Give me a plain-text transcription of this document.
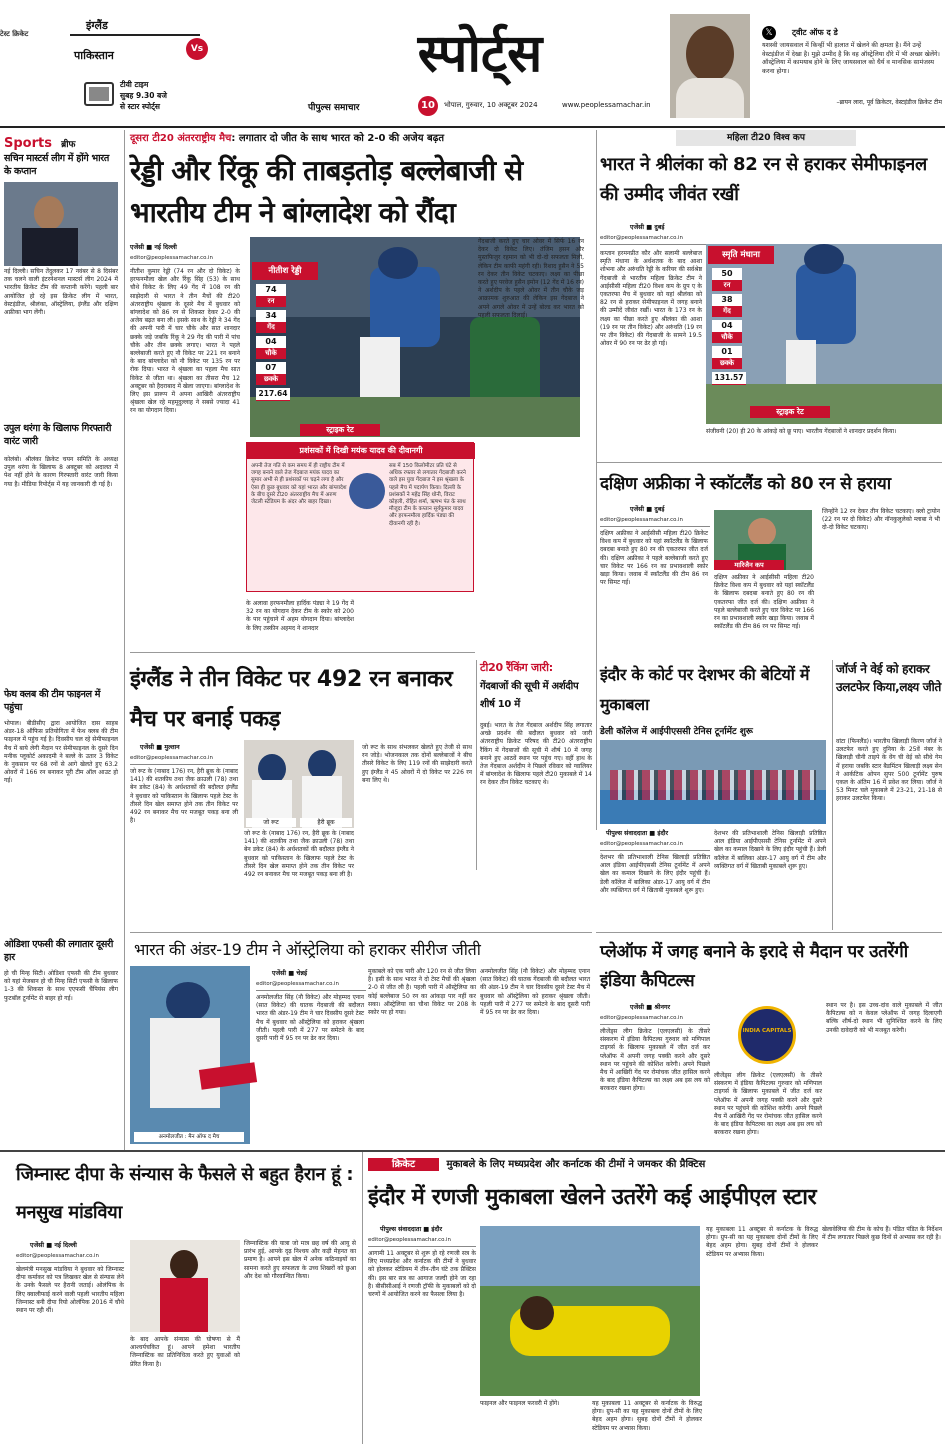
टेस्ट क्रिकेट
इंग्लैंड
Vs
पाकिस्तान
टीवी टाइम
सुबह 9.30 बजे
से स्टार स्पोर्ट्स
स्पोर्ट्स
पीपुल्स समाचार	10	भोपाल, गुरुवार, 10 अक्टूबर 2024	www.peoplessamachar.in
𝕏	ट्वीट ऑफ द डे
यशस्वी जायसवाल में किन्हीं भी हालात में खेलने की क्षमता है। मैंने उन्हें वेस्टइंडीज में देखा है। मुझे उम्मीद है कि वह ऑस्ट्रेलिया दौरे में भी अच्छा खेलेंगे। ऑस्ट्रेलिया में कामयाब होने के लिए जायसवाल को धैर्य व मानसिक सामंजस्य करना होगा।
–ब्रायन लारा, पूर्व क्रिकेटर, वेस्टइंडीज क्रिकेट टीम
Sports ब्रीफ
सचिन मास्टर्स लीग में होंगे भारत के कप्तान
नई दिल्ली। सचिन तेंदुलकर 17 नवंबर से 8 दिसंबर तक चलने वाली इंटरनेशनल मास्टर्स लीग 2024 में भारतीय क्रिकेट टीम की कप्तानी करेंगे। पहली बार आयोजित हो रहे इस क्रिकेट लीग में भारत, वेस्टइंडीज, श्रीलंका, ऑस्ट्रेलिया, इंग्लैंड और दक्षिण अफ्रीका भाग लेंगी।
उपुल थरंगा के खिलाफ गिरफ्तारी वारंट जारी
कोलंबो। श्रीलंका क्रिकेट चयन समिति के अध्यक्ष उपुल थरंगा के खिलाफ 8 अक्टूबर को अदालत में पेश नहीं होने के कारण गिरफ्तारी वारंट जारी किया गया है। मीडिया रिपोर्ट्स में यह जानकारी दी गई है।
फेथ क्लब की टीम फाइनल में पहुंचा
भोपाल। बीडीसीए द्वारा आयोजित दास साहब अंडर-18 ऑफिस प्रतियोगिता में फेथ क्लब की टीम फाइनल में पहुंच गई है। दिवसीय चल रहे सेमीफाइनल मैच में बाये लेगी मैदान पर सेमीफाइनल के दूसरे दिन मनीक प्लूकोर्ट अकादमी ने बल्ले के उतार 3 विकेट के नुकसान पर 68 रनों से आगे खेलते हुए 63.2 ओवरों में 166 रन बनाकर पूरी टीम ऑल आउट हो गई।
ओडिशा एफसी की लगातार दूसरी हार
हो ची मिन्ह सिटी। ओडिशा एफसी की टीम बुधवार को यहां मेजबान हो ची मिन्ह सिटी एफसी के खिलाफ 1-3 की शिकस्त के साथ एएफसी चैंपियंस लीग फुटबॉल टूर्नामेंट से बाहर हो गई।
दूसरा टी20 अंतरराष्ट्रीय मैच: लगातार दो जीत के साथ भारत को 2-0 की अजेय बढ़त
रेड्डी और रिंकू की ताबड़तोड़ बल्लेबाजी से भारतीय टीम ने बांग्लादेश को रौंदा
एजेंसी ■ नई दिल्ली
editor@peoplessamachar.co.in
नीतीश कुमार रेड्डी (74 रन और दो विकेट) के हरफनमौला खेल और रिंकू सिंह (53) के साथ चौथे विकेट के लिए 49 गेंद में 108 रन की साझेदारी से भारत ने तीन मैचों की टी20 अंतरराष्ट्रीय श्रृंखला के दूसरे मैच में बुधवार को बांग्लादेश को 86 रन से शिकस्त देकर 2-0 की अजेय बढ़त बना ली। इसके साथ के रेड्डी ने 34 गेंद की अपनी पारी में चार चौके और सात शानदार छक्के जड़े जबकि रिंकू ने 29 गेंद की पारी में पांच चौके और तीन छक्के लगाए। भारत ने पहले बल्लेबाजी करते हुए नौ विकेट पर 221 रन बनाने के बाद बांग्लादेश को नौ विकेट पर 135 रन पर रोक दिया। भारत ने श्रृंखला का पहला मैच सात विकेट से जीता था। श्रृंखला का तीसरा मैच 12 अक्टूबर को हैदराबाद में खेला जाएगा। बांग्लादेश के लिए इस प्रारूप में अपना आखिरी अंतरराष्ट्रीय श्रृंखला खेल रहे महमूदुल्लाह ने सबसे ज्यादा 41 रन का योगदान दिया।
नीतीश रेड्डी
74
रन
34
गेंद
04
चौके
07
छक्के
217.64
स्ट्राइक रेट
के अलावा हरफनमौला हार्दिक पंड्या ने 19 गेंद में 32 रन का योगदान देकर टीम के स्कोर को 200 के पार पहुंचाने में अहम योगदान दिया। बांग्लादेश के लिए तस्कीन अहमद ने शानदार
गेंदबाजी करते हुए चार ओवर में सिर्फ 16 रन देकर दो विकेट लिए। तंजिम हसन और मुस्तफिजुर रहमान को भी दो-दो सफलता मिली, लेकिन टीम काफी महंगी रही। रिशाद हुसैन ने 55 रन देकर तीन विकेट चटकाए। लक्ष्य का पीछा करते हुए परवेज हुसैन इमोन (12 गेंद में 16 रन) ने अर्शदीप के पहले ओवर में तीन चौके जड़ आक्रामक शुरुआत की लेकिन इस गेंदबाज ने अपने अगले ओवर में उन्हें बोल्ड कर भारत को पहली सफलता दिलाई।
प्रशंसकों में दिखी मयंक यादव की दीवानगी
अपनी तेज गति से कम समय में ही राष्ट्रीय टीम में जगह बनाने वाले तेज गेंदबाज मयंक यादव का सुमार अभी से ही प्रशंसकों पर चढ़ने लगा है और ऐसा ही कुछ बुधवार को यहां भारत और बांग्लादेश के बीच दूसरे टी20 अंतरराष्ट्रीय मैच में अरुण जेटली स्टेडियम के अंदर और बाहर दिखा।
सब में 150 किलोमीटर प्रति घंटे से अधिक रफ्तार से लगातार गेंदबाजी करने वाले इस युवा गेंदबाज ने इस श्रृंखला के पहले मैच में पदार्पण किया। दिल्ली के प्रशंसकों ने महेंद्र सिंह धोनी, विराट कोहली, रोहित शर्मा, ऋषभ पंत के साथ मौजूदा टीम के कप्तान सूर्यकुमार यादव और हरफनमौला हार्दिक पंड्या की दीवानगी रही है।
महिला टी20 विश्व कप
भारत ने श्रीलंका को 82 रन से हराकर सेमीफाइनल की उम्मीद जीवंत रखीं
एजेंसी ■ दुबई
editor@peoplessamachar.co.in
कप्तान हरमनप्रीत कौर और सलामी बल्लेबाज स्मृति मंधाना के अर्धशतक के बाद आशा शोभना और अरुंधति रेड्डी के करियर की सर्वश्रेष्ठ गेंदबाजी से भारतीय महिला क्रिकेट टीम ने आईसीसी महिला टी20 विश्व कप के ग्रुप ए के एकतरफा मैच में बुधवार को यहां श्रीलंका को 82 रन से हराकर सेमीफाइनल में जगह बनाने की उम्मीदें जीवंत रखीं। भारत के 173 रन के लक्ष्य का पीछा करते हुए श्रीलंका की आशा (19 रन पर तीन विकेट) और अरुंधति (19 रन पर तीन विकेट) की गेंदबाजी के सामने 19.5 ओवर में 90 रन पर ढेर हो गई।
स्मृति मंधाना
50
रन
38
गेंद
04
चौके
01
छक्के
131.57
स्ट्राइक रेट
संजीवनी (20) ही 20 के आंकड़े को छू पाए। भारतीय गेंदबाजों ने शानदार प्रदर्शन किया।
दक्षिण अफ्रीका ने स्कॉटलैंड को 80 रन से हराया
एजेंसी ■ दुबई
editor@peoplessamachar.co.in
दक्षिण अफ्रीका ने आईसीसी महिला टी20 क्रिकेट विश्व कप में बुधवार को यहां स्कॉटलैंड के खिलाफ दबदबा बनाते हुए 80 रन की एकतरफा जीत दर्ज की। दक्षिण अफ्रीका ने पहले बल्लेबाजी करते हुए चार विकेट पर 166 रन का प्रभावशाली स्कोर खड़ा किया। जवाब में स्कॉटलैंड की टीम 86 रन पर सिमट गई।
मारिजैन कप
दक्षिण अफ्रीका ने आईसीसी महिला टी20 क्रिकेट विश्व कप में बुधवार को यहां स्कॉटलैंड के खिलाफ दबदबा बनाते हुए 80 रन की एकतरफा जीत दर्ज की। दक्षिण अफ्रीका ने पहले बल्लेबाजी करते हुए चार विकेट पर 166 रन का प्रभावशाली स्कोर खड़ा किया। जवाब में स्कॉटलैंड की टीम 86 रन पर सिमट गई।
जिन्होंने 12 रन देकर तीन विकेट चटकाए। क्लो ट्रायोन (22 रन पर दो विकेट) और नॉनकुलुलेको म्लाबा ने भी दो-दो विकेट चटकाए।
टी20 रैंकिंग जारी:
गेंदबाजों की सूची में अर्शदीप शीर्ष 10 में
दुबई। भारत के तेज गेंदबाज अर्शदीप सिंह लगातार अच्छे प्रदर्शन की बदौलत बुधवार को जारी अंतरराष्ट्रीय क्रिकेट परिषद की टी20 अंतरराष्ट्रीय रैंकिंग में गेंदबाजों की सूची में शीर्ष 10 में जगह बनाने हुए आठवें स्थान पर पहुंच गए। वहीं हाथ के तेज गेंदबाज अर्शदीप ने पिछले रविवार को ग्वालियर में बांग्लादेश के खिलाफ पहले टी20 मुकाबले में 14 रन देकर तीन विकेट चटकाए थे।
इंग्लैंड ने तीन विकेट पर 492 रन बनाकर मैच पर बनाई पकड़
एजेंसी ■ मुल्तान
editor@peoplessamachar.co.in
जो रूट के (नाबाद 176) रन, हैरी ब्रूक के (नाबाद 141) की शतकीय तथा जैक क्राउली (78) तथा बेन डकेट (84) के अर्धशतकों की बदौलत इंग्लैंड ने बुधवार को पाकिस्तान के खिलाफ पहले टेस्ट के तीसरे दिन खेल समाप्त होने तक तीन विकेट पर 492 रन बनाकर मैच पर मजबूत पकड़ बना ली है।	जो रूट	हैरी ब्रूक
जो रूट के (नाबाद 176) रन, हैरी ब्रूक के (नाबाद 141) की शतकीय तथा जैक क्राउली (78) तथा बेन डकेट (84) के अर्धशतकों की बदौलत इंग्लैंड ने बुधवार को पाकिस्तान के खिलाफ पहले टेस्ट के तीसरे दिन खेल समाप्त होने तक तीन विकेट पर 492 रन बनाकर मैच पर मजबूत पकड़ बना ली है।
जो रूट के साथ संभलकर खेलते हुए तेजी से साथ रन जोड़े। भोजनकाल तक दोनों बल्लेबाजों ने बीच तीसरे विकेट के लिए 119 रनों की साझेदारी करते हुए इंग्लैंड ने 45 ओवरों में दो विकेट पर 226 रन बना लिए थे।
इंदौर के कोर्ट पर देशभर की बेटियों में मुकाबला
डेली कॉलेज में आईपीएससी टेनिस टूर्नामेंट शुरू
पीपुल्स संवाददाता ■ इंदौर
editor@peoplessamachar.co.in
देशभर की प्रतिभाशाली टेनिस खिलाड़ी प्रतिष्ठित आल इंडिया आईपीएससी टेनिस टूर्नामेंट में अपने खेल का कमाल दिखाने के लिए इंदौर पहुंची हैं। डेली कॉलेज में बालिका अंडर-17 आयु वर्ग में टीम और व्यक्तिगत वर्ग में खिताबी मुकाबले शुरू हुए।
देशभर की प्रतिभाशाली टेनिस खिलाड़ी प्रतिष्ठित आल इंडिया आईपीएससी टेनिस टूर्नामेंट में अपने खेल का कमाल दिखाने के लिए इंदौर पहुंची हैं। डेली कॉलेज में बालिका अंडर-17 आयु वर्ग में टीम और व्यक्तिगत वर्ग में खिताबी मुकाबले शुरू हुए।
जॉर्ज ने वेई को हराकर उलटफेर किया,लक्ष्य जीते
वांटा (फिनलैंड)। भारतीय खिलाड़ी किरण जॉर्ज ने उलटफेर करते हुए दुनिया के 25वें नंबर के खिलाड़ी चीनी ताइपे के वेंग ची वेई को सीधे गेम में हराया जबकि स्टार बैडमिंटन खिलाड़ी लक्ष्य सेन ने आर्कटिक ओपन सुपर 500 टूर्नामेंट पुरुष एकल के अंतिम 16 में प्रवेश कर लिया। जॉर्ज ने 53 मिनट चले मुकाबले में 23-21, 21-18 से हराकर उलटफेर किया।
भारत की अंडर-19 टीम ने ऑस्ट्रेलिया को हराकर सीरीज जीती
अनमोलजीत : मैन ऑफ द मैच
एजेंसी ■ चेन्नई
editor@peoplessamachar.co.in
अनमोलजीत सिंह (नौ विकेट) और मोहम्मद एनान (सात विकेट) की घातक गेंदबाजी की बदौलत भारत की अंडर-19 टीम ने चार दिवसीय दूसरे टेस्ट मैच में बुधवार को ऑस्ट्रेलिया को हराकर श्रृंखला जीती। पहली पारी में 277 पर समेटने के बाद दूसरी पारी में 95 रन पर ढेर कर दिया।
मुकाबले को एक पारी और 120 रन से जीत लिया है। इसी के साथ भारत ने दो टेस्ट मैचों की श्रृंखला 2-0 से जीत ली है। पहली पारी में ऑस्ट्रेलिया का कोई बल्लेबाज 50 रन का आंकड़ा पार नहीं कर सका। ऑस्ट्रेलिया का चौथा विकेट पर 208 के स्कोर पर हो गया।
अनमोलजीत सिंह (नौ विकेट) और मोहम्मद एनान (सात विकेट) की घातक गेंदबाजी की बदौलत भारत की अंडर-19 टीम ने चार दिवसीय दूसरे टेस्ट मैच में बुधवार को ऑस्ट्रेलिया को हराकर श्रृंखला जीती। पहली पारी में 277 पर समेटने के बाद दूसरी पारी में 95 रन पर ढेर कर दिया।
प्लेऑफ में जगह बनाने के इरादे से मैदान पर उतरेंगी इंडिया कैपिटल्स
एजेंसी ■ श्रीनगर
editor@peoplessamachar.co.in
लीजेंड्स लीग क्रिकेट (एलएलसी) के तीसरे संस्करण में इंडिया कैपिटल्स गुरुवार को मणिपाल टाइगर्स के खिलाफ मुकाबले में जीत दर्ज कर प्लेऑफ में अपनी जगह पक्की करने और दूसरे स्थान पर पहुंचने की कोशिश करेगी। अपने पिछले मैच में आखिरी गेंद पर रोमांचक जीत हासिल करने के बाद इंडिया कैपिटल्स का लक्ष्य अब इस लय को बरकरार रखना होगा।
INDIA CAPITALS
लीजेंड्स लीग क्रिकेट (एलएलसी) के तीसरे संस्करण में इंडिया कैपिटल्स गुरुवार को मणिपाल टाइगर्स के खिलाफ मुकाबले में जीत दर्ज कर प्लेऑफ में अपनी जगह पक्की करने और दूसरे स्थान पर पहुंचने की कोशिश करेगी। अपने पिछले मैच में आखिरी गेंद पर रोमांचक जीत हासिल करने के बाद इंडिया कैपिटल्स का लक्ष्य अब इस लय को बरकरार रखना होगा।
स्थान पर है। इस उच्च-दांव वाले मुकाबले में जीत कैपिटल्स को न केवल प्लेऑफ में जगह दिलाएगी बल्कि शीर्ष-दो स्थान भी सुनिश्चित करने के लिए उनकी दावेदारी को भी मजबूत करेगी।
जिम्नास्ट दीपा के संन्यास के फैसले से बहुत हैरान हूं : मनसुख मांडविया
एजेंसी ■ नई दिल्ली
editor@peoplessamachar.co.in
खेलमंत्री मनसुख मांडविया ने बुधवार को जिम्नास्ट दीपा कर्माकर को पत्र लिखकर खेल से संन्यास लेने के उनके फैसले पर हैरानी जताई। ओलंपिक के लिए क्वालीफाई करने वाली पहली भारतीय महिला जिम्नास्ट बनी दीपा रियो ओलंपिक 2016 में चौथे स्थान पर रही थीं।
के बाद आपके संन्यास की घोषणा से मैं आश्चर्यचकित हूं। आपने हमेशा भारतीय जिम्नास्टिक का प्रतिनिधित्व करते हुए युवाओं को प्रेरित किया है।
जिम्नास्टिक की यात्रा जो मात्र छह वर्ष की आयु से प्रारंभ हुई, आपके दृढ़ निश्चय और कड़ी मेहनत का प्रमाण है। आपने इस खेल में अनेक कठिनाइयों का सामना करते हुए सफलता के उच्च शिखरों को छुआ और देश को गौरवान्वित किया।
क्रिकेट	मुकाबले के लिए मध्यप्रदेश और कर्नाटक की टीमों ने जमकर की प्रैक्टिस
इंदौर में रणजी मुकाबला खेलने उतरेंगे कई आईपीएल स्टार
पीपुल्स संवाददाता ■ इंदौर
editor@peoplessamachar.co.in
आगामी 11 अक्टूबर से शुरू हो रहे रणजी सत्र के लिए मध्यप्रदेश और कर्नाटक की टीमों ने बुधवार को होलकर स्टेडियम में तीन-तीन घंटे तक प्रैक्टिस की। इस बार सत्र का आगाज जल्दी होने जा रहा है। बीसीसीआई ने रणजी ट्रॉफी के मुकाबलों को दो चरणों में आयोजित करने का फैसला लिया है।
फाइनल और फाइनल फरवरी में होंगे।	यह मुकाबला 11 अक्टूबर से कर्नाटक के विरुद्ध होगा। ग्रुप-सी का यह मुकाबला दोनों टीमों के लिए बेहद अहम होगा। सुबह दोनों टीमों ने होलकर स्टेडियम पर अभ्यास किया।
यह मुकाबला 11 अक्टूबर से कर्नाटक के विरुद्ध होगा। ग्रुप-सी का यह मुकाबला दोनों टीमों के लिए बेहद अहम होगा। सुबह दोनों टीमों ने होलकर स्टेडियम पर अभ्यास किया।
खेलावेलिया की टीम के कोच हैं। पंडित पंडित के निर्देशन में टीम लगातार पिछले कुछ दिनों से अभ्यास कर रही है।
